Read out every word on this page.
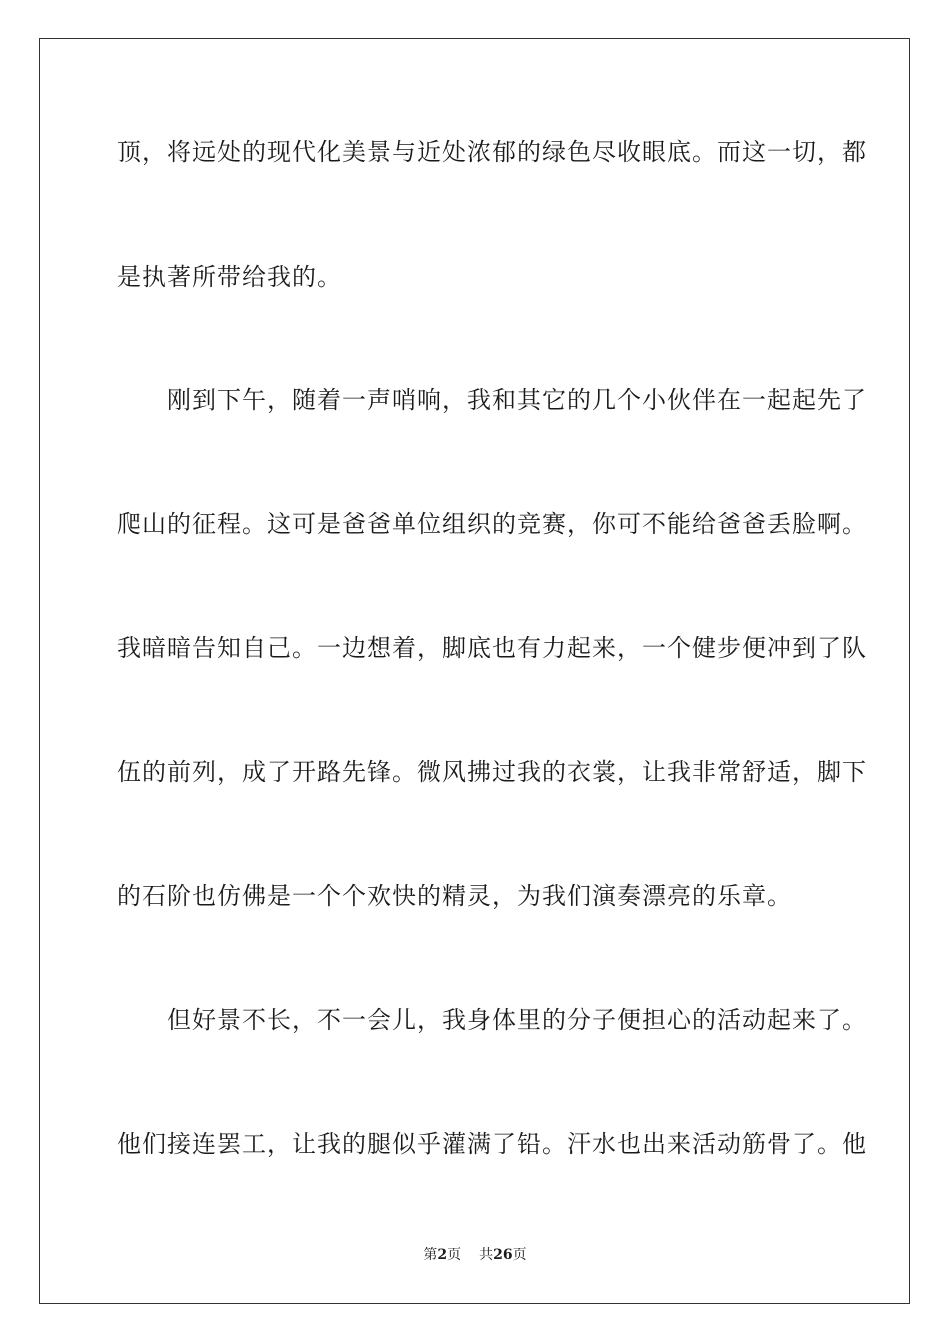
顶，将远处的现代化美景与近处浓郁的绿色尽收眼底。而这一切，都
是执著所带给我的。
　　刚到下午，随着一声哨响，我和其它的几个小伙伴在一起起先了
爬山的征程。这可是爸爸单位组织的竞赛，你可不能给爸爸丢脸啊。
我暗暗告知自己。一边想着，脚底也有力起来，一个健步便冲到了队
伍的前列，成了开路先锋。微风拂过我的衣裳，让我非常舒适，脚下
的石阶也仿佛是一个个欢快的精灵，为我们演奏漂亮的乐章。
　　但好景不长，不一会儿，我身体里的分子便担心的活动起来了。
他们接连罢工，让我的腿似乎灌满了铅。汗水也出来活动筋骨了。他
第2页 共26页
